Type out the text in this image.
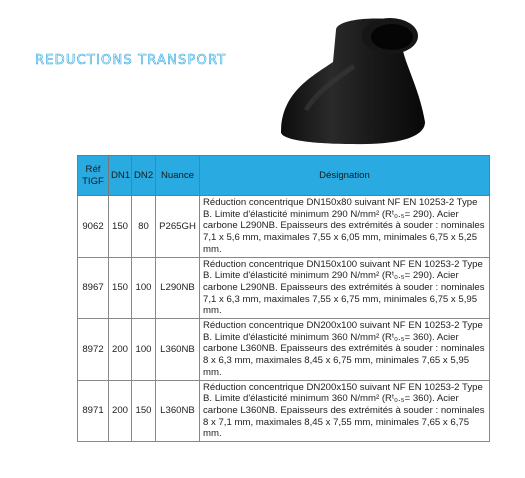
REDUCTIONS TRANSPORT
Réf TIGF	DN1	DN2	Nuance	Désignation
9062	150	80	P265GH	Réduction concentrique DN150x80 suivant NF EN 10253-2 Type B. Limite d'élasticité minimum 290 N/mm² (Rᵗ₀.₅= 290). Acier carbone L290NB. Epaisseurs des extrémités à souder : nominales 7,1 x 5,6 mm, maximales 7,55 x 6,05 mm, minimales 6,75 x 5,25 mm.
8967	150	100	L290NB	Réduction concentrique DN150x100 suivant NF EN 10253-2 Type B. Limite d'élasticité minimum 290 N/mm² (Rᵗ₀.₅= 290). Acier carbone L290NB. Epaisseurs des extrémités à souder : nominales 7,1 x 6,3 mm, maximales 7,55 x 6,75 mm, minimales 6,75 x 5,95 mm.
8972	200	100	L360NB	Réduction concentrique DN200x100 suivant NF EN 10253-2 Type B. Limite d'élasticité minimum 360 N/mm² (Rᵗ₀.₅= 360). Acier carbone L360NB. Epaisseurs des extrémités à souder : nominales 8 x 6,3 mm, maximales 8,45 x 6,75 mm, minimales 7,65 x 5,95 mm.
8971	200	150	L360NB	Réduction concentrique DN200x150 suivant NF EN 10253-2 Type B. Limite d'élasticité minimum 360 N/mm² (Rᵗ₀.₅= 360). Acier carbone L360NB. Epaisseurs des extrémités à souder : nominales 8 x 7,1 mm, maximales 8,45 x 7,55 mm, minimales 7,65 x 6,75 mm.
